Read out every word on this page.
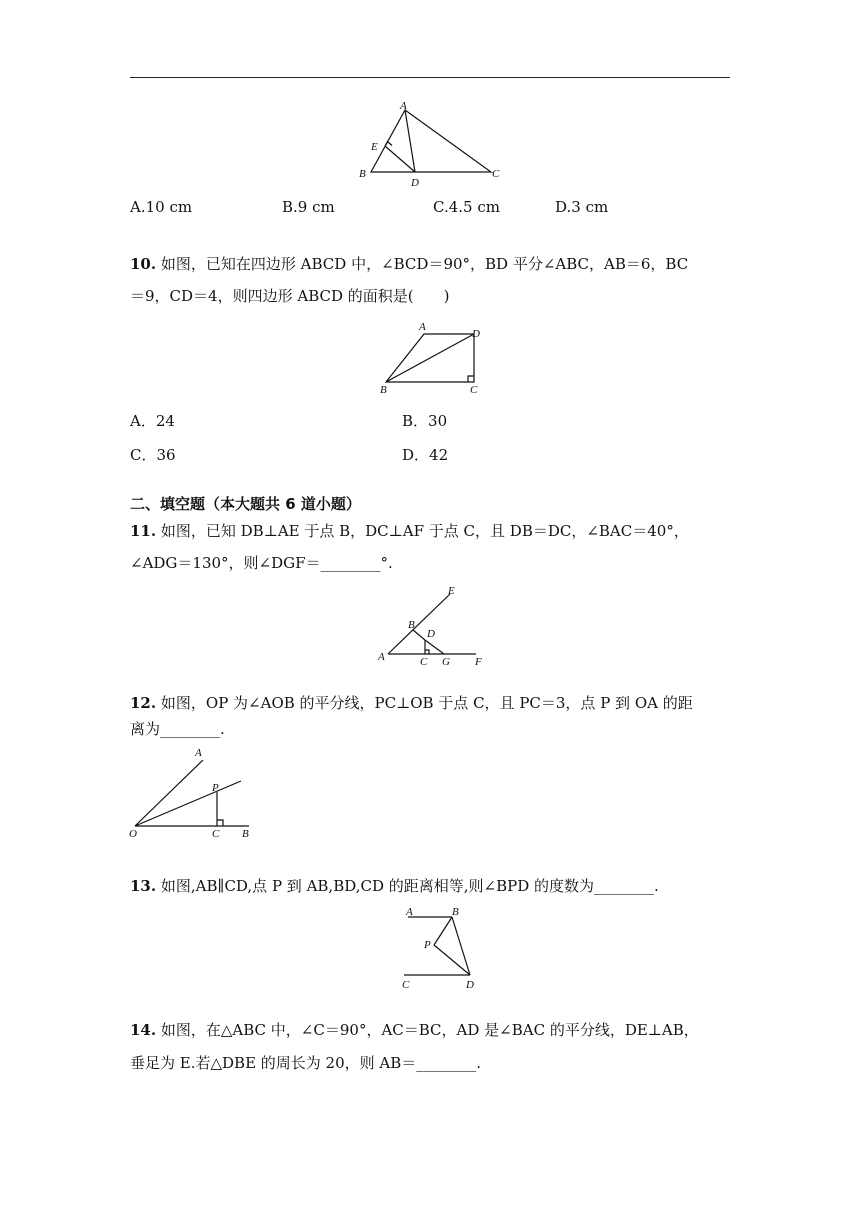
A
B	C
D
E
A.10 cm	B.9 cm	C.4.5 cm	D.3 cm
10. 如图，已知在四边形 ABCD 中，∠BCD＝90°，BD 平分∠ABC，AB＝6，BC
＝9，CD＝4，则四边形 ABCD 的面积是(　　)
A
D
B	C
A．24	B．30
C．36	D．42
二、填空题（本大题共 6 道小题）
11. 如图，已知 DB⊥AE 于点 B，DC⊥AF 于点 C，且 DB＝DC，∠BAC＝40°，
∠ADG＝130°，则∠DGF＝________°.
E
B
D
A	C G F
12. 如图，OP 为∠AOB 的平分线，PC⊥OB 于点 C，且 PC＝3，点 P 到 OA 的距
离为________.
A
P
O	C B
13. 如图,AB∥CD,点 P 到 AB,BD,CD 的距离相等,则∠BPD 的度数为________.
A	B
P
C	D
14. 如图，在△ABC 中，∠C＝90°，AC＝BC，AD 是∠BAC 的平分线，DE⊥AB，
垂足为 E.若△DBE 的周长为 20，则 AB＝________.
